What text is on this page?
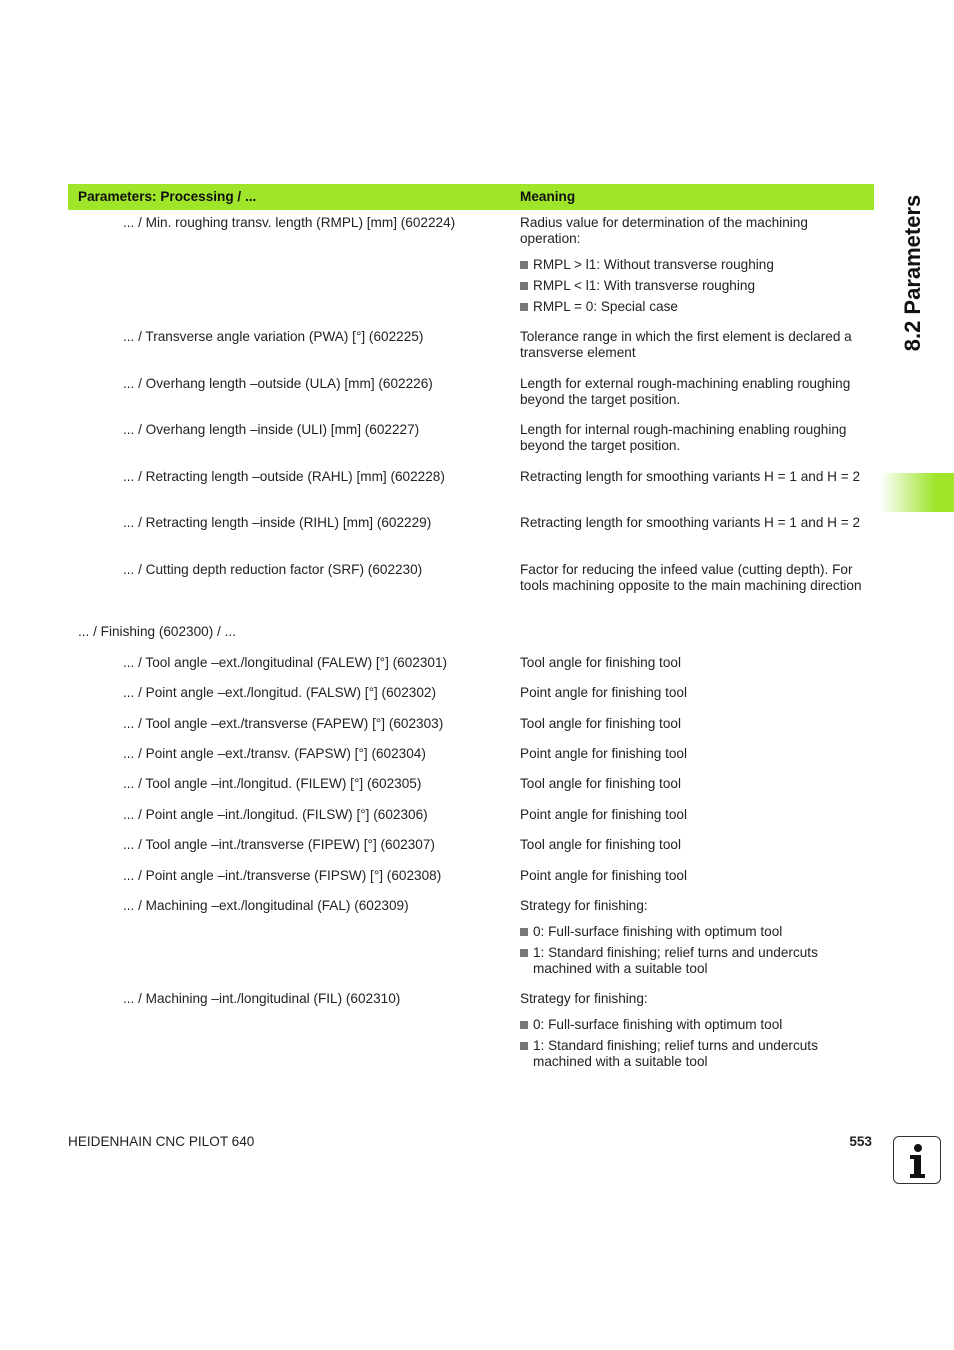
Parameters: Processing / ...	Meaning
... / Min. roughing transv. length (RMPL) [mm] (602224)	Radius value for determination of the machining operation:
RMPL > l1: Without transverse roughing
RMPL < l1: With transverse roughing
RMPL = 0: Special case
... / Transverse angle variation (PWA) [°] (602225)	Tolerance range in which the first element is declared a transverse element
... / Overhang length –outside (ULA) [mm] (602226)	Length for external rough-machining enabling roughing beyond the target position.
... / Overhang length –inside (ULI) [mm] (602227)	Length for internal rough-machining enabling roughing beyond the target position.
... / Retracting length –outside (RAHL) [mm] (602228)	Retracting length for smoothing variants H = 1 and H = 2
... / Retracting length –inside (RIHL) [mm] (602229)	Retracting length for smoothing variants H = 1 and H = 2
... / Cutting depth reduction factor (SRF) (602230)	Factor for reducing the infeed value (cutting depth). For tools machining opposite to the main machining direction
... / Finishing (602300) / ...
... / Tool angle –ext./longitudinal (FALEW) [°] (602301)	Tool angle for finishing tool
... / Point angle –ext./longitud. (FALSW) [°] (602302)	Point angle for finishing tool
... / Tool angle –ext./transverse (FAPEW) [°] (602303)	Tool angle for finishing tool
... / Point angle –ext./transv. (FAPSW) [°] (602304)	Point angle for finishing tool
... / Tool angle –int./longitud. (FILEW) [°] (602305)	Tool angle for finishing tool
... / Point angle –int./longitud. (FILSW) [°] (602306)	Point angle for finishing tool
... / Tool angle –int./transverse (FIPEW) [°] (602307)	Tool angle for finishing tool
... / Point angle –int./transverse (FIPSW) [°] (602308)	Point angle for finishing tool
... / Machining –ext./longitudinal (FAL) (602309)	Strategy for finishing:
0: Full-surface finishing with optimum tool
1: Standard finishing; relief turns and undercuts machined with a suitable tool
... / Machining –int./longitudinal (FIL) (602310)	Strategy for finishing:
0: Full-surface finishing with optimum tool
1: Standard finishing; relief turns and undercuts machined with a suitable tool
8.2 Parameters
HEIDENHAIN CNC PILOT 640	553
